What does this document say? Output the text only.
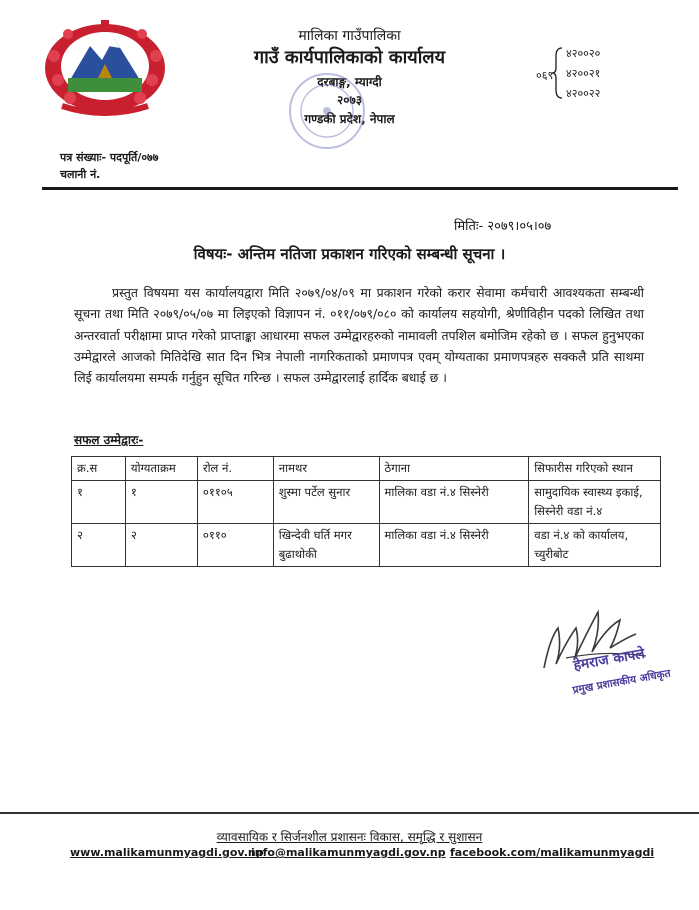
मालिका गाउँपालिका
गाउँ कार्यपालिकाको कार्यालय
दरबाङ्ग, म्याग्दी
२०७३
गण्डकी प्रदेश, नेपाल
०६९
४२००२०
४२००२१
४२००२२
पत्र संख्याः- पदपूर्ति/०७७
चलानी नं.
मितिः- २०७९।०५।०७
विषयः- अन्तिम नतिजा प्रकाशन गरिएको सम्बन्धी सूचना ।

प्रस्तुत विषयमा यस कार्यालयद्वारा मिति २०७९/०४/०९ मा प्रकाशन गरेको करार सेवामा कर्मचारी आवश्यकता सम्बन्धी सूचना तथा मिति २०७९/०५/०७ मा लिइएको विज्ञापन नं. ०११/०७९/०८० को कार्यालय सहयोगी, श्रेणीविहीन पदको लिखित तथा अन्तरवार्ता परीक्षामा प्राप्त गरेको प्राप्ताङ्का आधारमा सफल उम्मेद्वारहरुको नामावली तपशिल बमोजिम रहेको छ । सफल हुनुभएका उम्मेद्वारले आजको मितिदेखि सात दिन भित्र नेपाली नागरिकताको प्रमाणपत्र एवम् योग्यताका प्रमाणपत्रहरु सक्कलै प्रति साथमा लिई कार्यालयमा सम्पर्क गर्नुहुन सूचित गरिन्छ । सफल उम्मेद्वारलाई हार्दिक बधाई छ ।

सफल उम्मेद्वारः-
क्र.स	योग्यताक्रम	रोल नं.	नामथर	ठेगाना	सिफारीस गरिएको स्थान
१	१	०११०५	शुस्मा पर्टेल सुनार	मालिका वडा नं.४ सिस्नेरी	सामुदायिक स्वास्थ्य इकाई, सिस्नेरी वडा नं.४
२	२	०११०	खिन्देवी घर्ति मगर बुढाथोकी	मालिका वडा नं.४ सिस्नेरी	वडा नं.४ को कार्यालय, च्युरीबोट
हेमराज काफ्ले
प्रमुख प्रशासकीय अधिकृत
व्यावसायिक र सिर्जनशील प्रशासनः विकास, समृद्धि र सुशासन
www.malikamunmyagdi.gov.np
info@malikamunmyagdi.gov.np facebook.com/malikamunmyagdi
